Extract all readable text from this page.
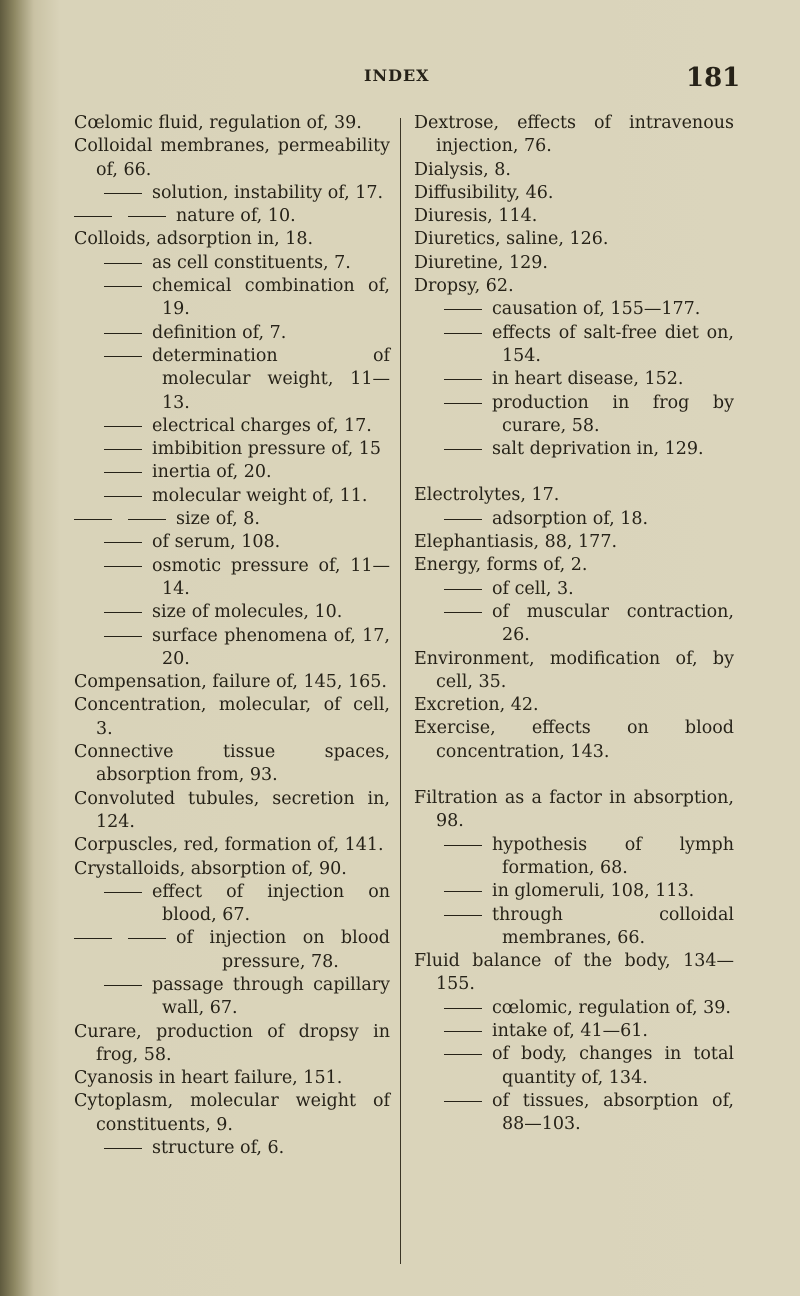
INDEX	181
Cœlomic fluid, regulation of, 39.
Colloidal membranes, permeability of, 66.
solution, instability of, 17.
nature of, 10.
Colloids, adsorption in, 18.
as cell constituents, 7.
chemical combination of, 19.
definition of, 7.
determination of molecular weight, 11—13.
electrical charges of, 17.
imbibition pressure of, 15
inertia of, 20.
molecular weight of, 11.
size of, 8.
of serum, 108.
osmotic pressure of, 11—14.
size of molecules, 10.
surface phenomena of, 17, 20.
Compensation, failure of, 145, 165.
Concentration, molecular, of cell, 3.
Connective tissue spaces, absorption from, 93.
Convoluted tubules, secretion in, 124.
Corpuscles, red, formation of, 141.
Crystalloids, absorption of, 90.
effect of injection on blood, 67.
of injection on blood pressure, 78.
passage through capillary wall, 67.
Curare, production of dropsy in frog, 58.
Cyanosis in heart failure, 151.
Cytoplasm, molecular weight of constituents, 9.
structure of, 6.
Dextrose, effects of intravenous injection, 76.
Dialysis, 8.
Diffusibility, 46.
Diuresis, 114.
Diuretics, saline, 126.
Diuretine, 129.
Dropsy, 62.
causation of, 155—177.
effects of salt-free diet on, 154.
in heart disease, 152.
production in frog by curare, 58.
salt deprivation in, 129.
Electrolytes, 17.
adsorption of, 18.
Elephantiasis, 88, 177.
Energy, forms of, 2.
of cell, 3.
of muscular contraction, 26.
Environment, modification of, by cell, 35.
Excretion, 42.
Exercise, effects on blood concentration, 143.
Filtration as a factor in absorption, 98.
hypothesis of lymph formation, 68.
in glomeruli, 108, 113.
through colloidal membranes, 66.
Fluid balance of the body, 134—155.
cœlomic, regulation of, 39.
intake of, 41—61.
of body, changes in total quantity of, 134.
of tissues, absorption of, 88—103.
